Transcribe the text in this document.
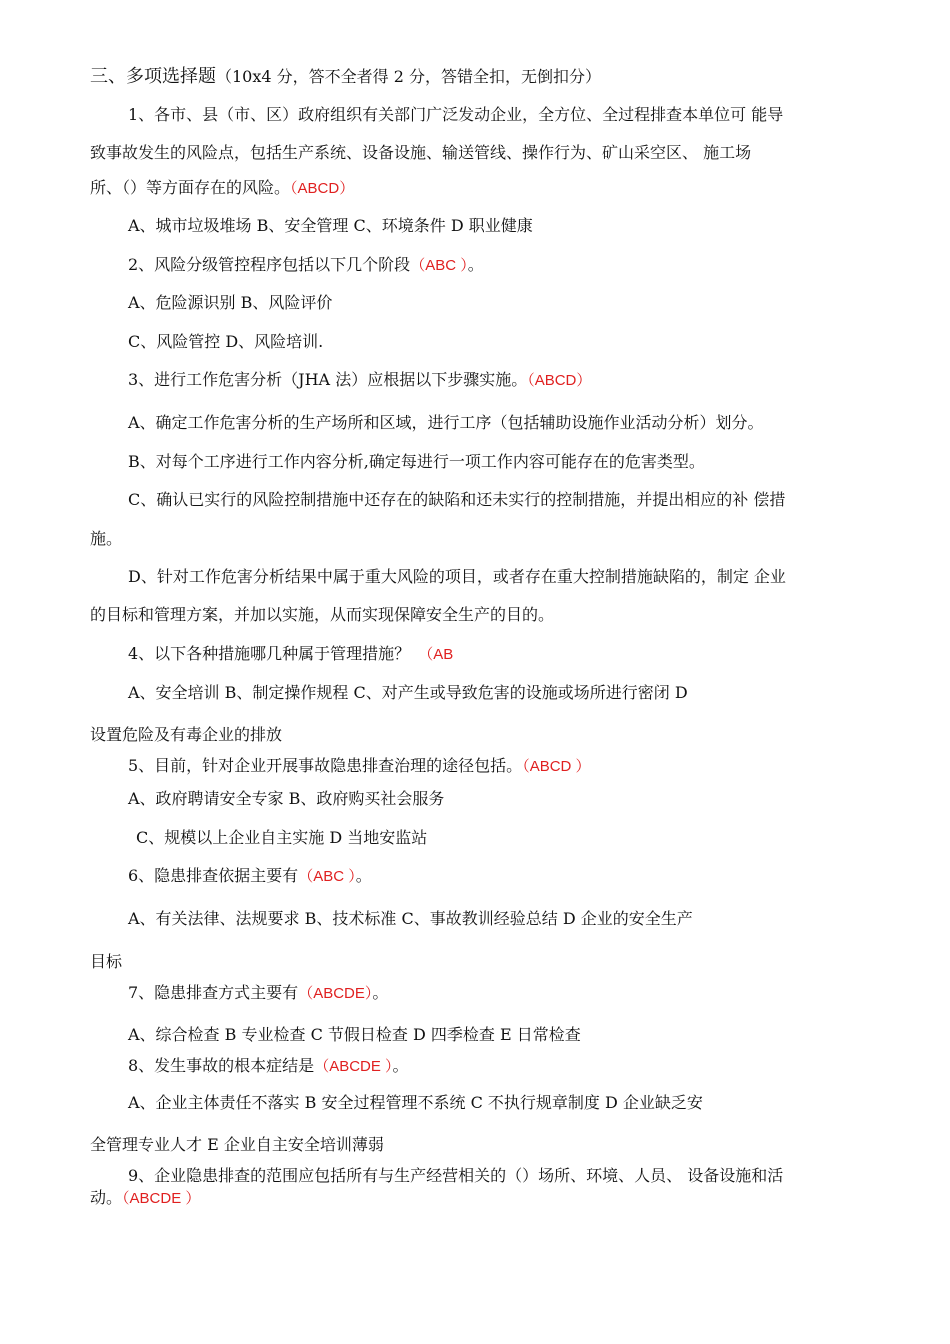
三、多项选择题（10x4 分，答不全者得 2 分，答错全扣，无倒扣分）
1、各市、县（市、区）政府组织有关部门广泛发动企业，全方位、全过程排查本单位可 能导
致事故发生的风险点，包括生产系统、设备设施、输送管线、操作行为、矿山采空区、 施工场
所、（）等方面存在的风险。（ABCD）
A、城市垃圾堆场 B、安全管理 C、环境条件 D 职业健康
2、风险分级管控程序包括以下几个阶段（ABC ）。
A、危险源识别 B、风险评价
C、风险管控 D、风险培训.
3、进行工作危害分析（JHA 法）应根据以下步骤实施。（ABCD）
A、确定工作危害分析的生产场所和区域，进行工序（包括辅助设施作业活动分析）划分。
B、对每个工序进行工作内容分析,确定每进行一项工作内容可能存在的危害类型。
C、确认已实行的风险控制措施中还存在的缺陷和还未实行的控制措施，并提出相应的补 偿措
施。
D、针对工作危害分析结果中属于重大风险的项目，或者存在重大控制措施缺陷的，制定 企业
的目标和管理方案，并加以实施，从而实现保障安全生产的目的。
4、以下各种措施哪几种属于管理措施？ （AB
A、安全培训 B、制定操作规程 C、对产生或导致危害的设施或场所进行密闭 D
设置危险及有毒企业的排放
5、目前，针对企业开展事故隐患排查治理的途径包括。（ABCD ）
A、政府聘请安全专家 B、政府购买社会服务
C、规模以上企业自主实施 D 当地安监站
6、隐患排查依据主要有（ABC ）。
A、有关法律、法规要求 B、技术标准 C、事故教训经验总结 D 企业的安全生产
目标
7、隐患排查方式主要有（ABCDE）。
A、综合检查 B 专业检查 C 节假日检查 D 四季检查 E 日常检查
8、发生事故的根本症结是（ABCDE ）。
A、企业主体责任不落实 B 安全过程管理不系统 C 不执行规章制度 D 企业缺乏安
全管理专业人才 E 企业自主安全培训薄弱
9、企业隐患排查的范围应包括所有与生产经营相关的（）场所、环境、人员、 设备设施和活
动。（ABCDE ）
